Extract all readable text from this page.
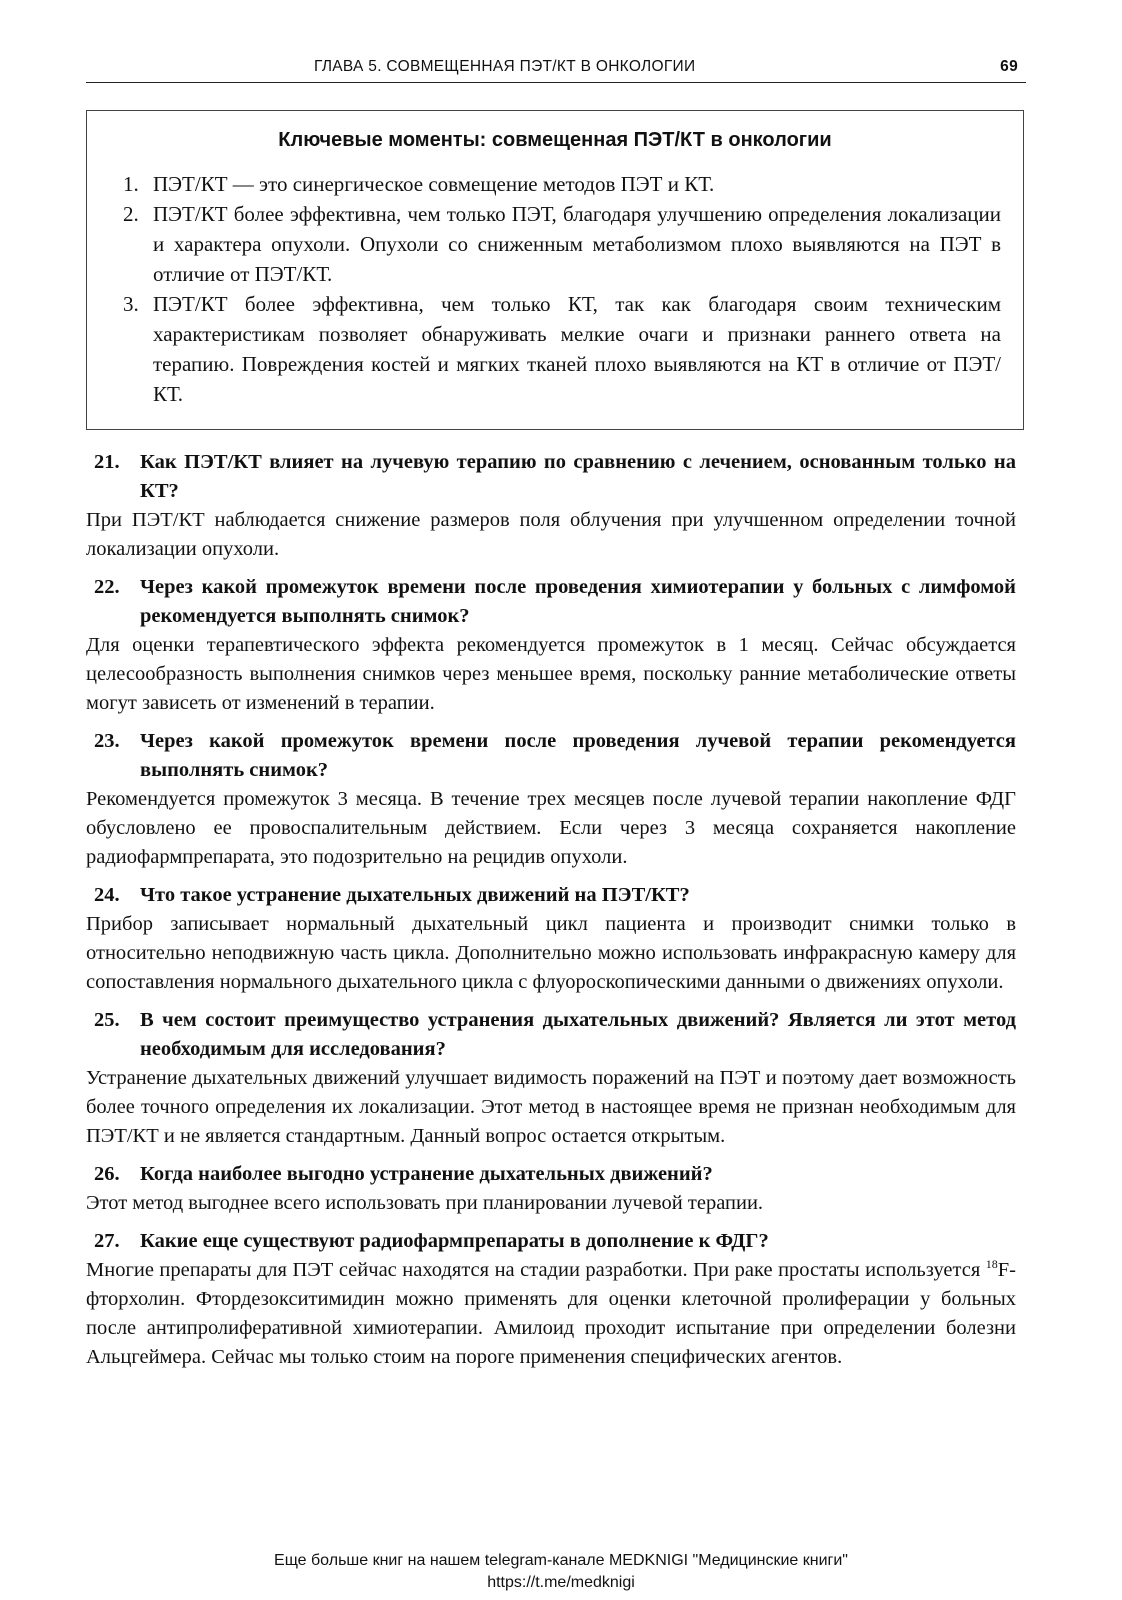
ГЛАВА 5. СОВМЕЩЕННАЯ ПЭТ/КТ В ОНКОЛОГИИ	69
Ключевые моменты: совмещенная ПЭТ/КТ в онкологии
1. ПЭТ/КТ — это синергическое совмещение методов ПЭТ и КТ.
2. ПЭТ/КТ более эффективна, чем только ПЭТ, благодаря улучшению определения локализации и характера опухоли. Опухоли со сниженным метаболизмом плохо выявляются на ПЭТ в отличие от ПЭТ/КТ.
3. ПЭТ/КТ более эффективна, чем только КТ, так как благодаря своим техническим характеристикам позволяет обнаруживать мелкие очаги и признаки раннего ответа на терапию. Повреждения костей и мягких тканей плохо выявляются на КТ в отличие от ПЭТ/КТ.
21. Как ПЭТ/КТ влияет на лучевую терапию по сравнению с лечением, основанным только на КТ?

При ПЭТ/КТ наблюдается снижение размеров поля облучения при улучшенном определении точной локализации опухоли.

22. Через какой промежуток времени после проведения химиотерапии у больных с лимфомой рекомендуется выполнять снимок?

Для оценки терапевтического эффекта рекомендуется промежуток в 1 месяц. Сейчас обсуждается целесообразность выполнения снимков через меньшее время, поскольку ранние метаболические ответы могут зависеть от изменений в терапии.

23. Через какой промежуток времени после проведения лучевой терапии рекомендуется выполнять снимок?

Рекомендуется промежуток 3 месяца. В течение трех месяцев после лучевой терапии накопление ФДГ обусловлено ее провоспалительным действием. Если через 3 месяца сохраняется накопление радиофармпрепарата, это подозрительно на рецидив опухоли.

24. Что такое устранение дыхательных движений на ПЭТ/КТ?

Прибор записывает нормальный дыхательный цикл пациента и производит снимки только в относительно неподвижную часть цикла. Дополнительно можно использовать инфракрасную камеру для сопоставления нормального дыхательного цикла с флуороскопическими данными о движениях опухоли.

25. В чем состоит преимущество устранения дыхательных движений? Является ли этот метод необходимым для исследования?

Устранение дыхательных движений улучшает видимость поражений на ПЭТ и поэтому дает возможность более точного определения их локализации. Этот метод в настоящее время не признан необходимым для ПЭТ/КТ и не является стандартным. Данный вопрос остается открытым.

26. Когда наиболее выгодно устранение дыхательных движений?

Этот метод выгоднее всего использовать при планировании лучевой терапии.

27. Какие еще существуют радиофармпрепараты в дополнение к ФДГ?

Многие препараты для ПЭТ сейчас находятся на стадии разработки. При раке простаты используется $^{18}$F-фторхолин. Фтордезокситимидин можно применять для оценки клеточной пролиферации у больных после антипролиферативной химиотерапии. Амилоид проходит испытание при определении болезни Альцгеймера. Сейчас мы только стоим на пороге применения специфических агентов.

Еще больше книг на нашем telegram-канале MEDKNIGI "Медицинские книги"
https://t.me/medknigi
